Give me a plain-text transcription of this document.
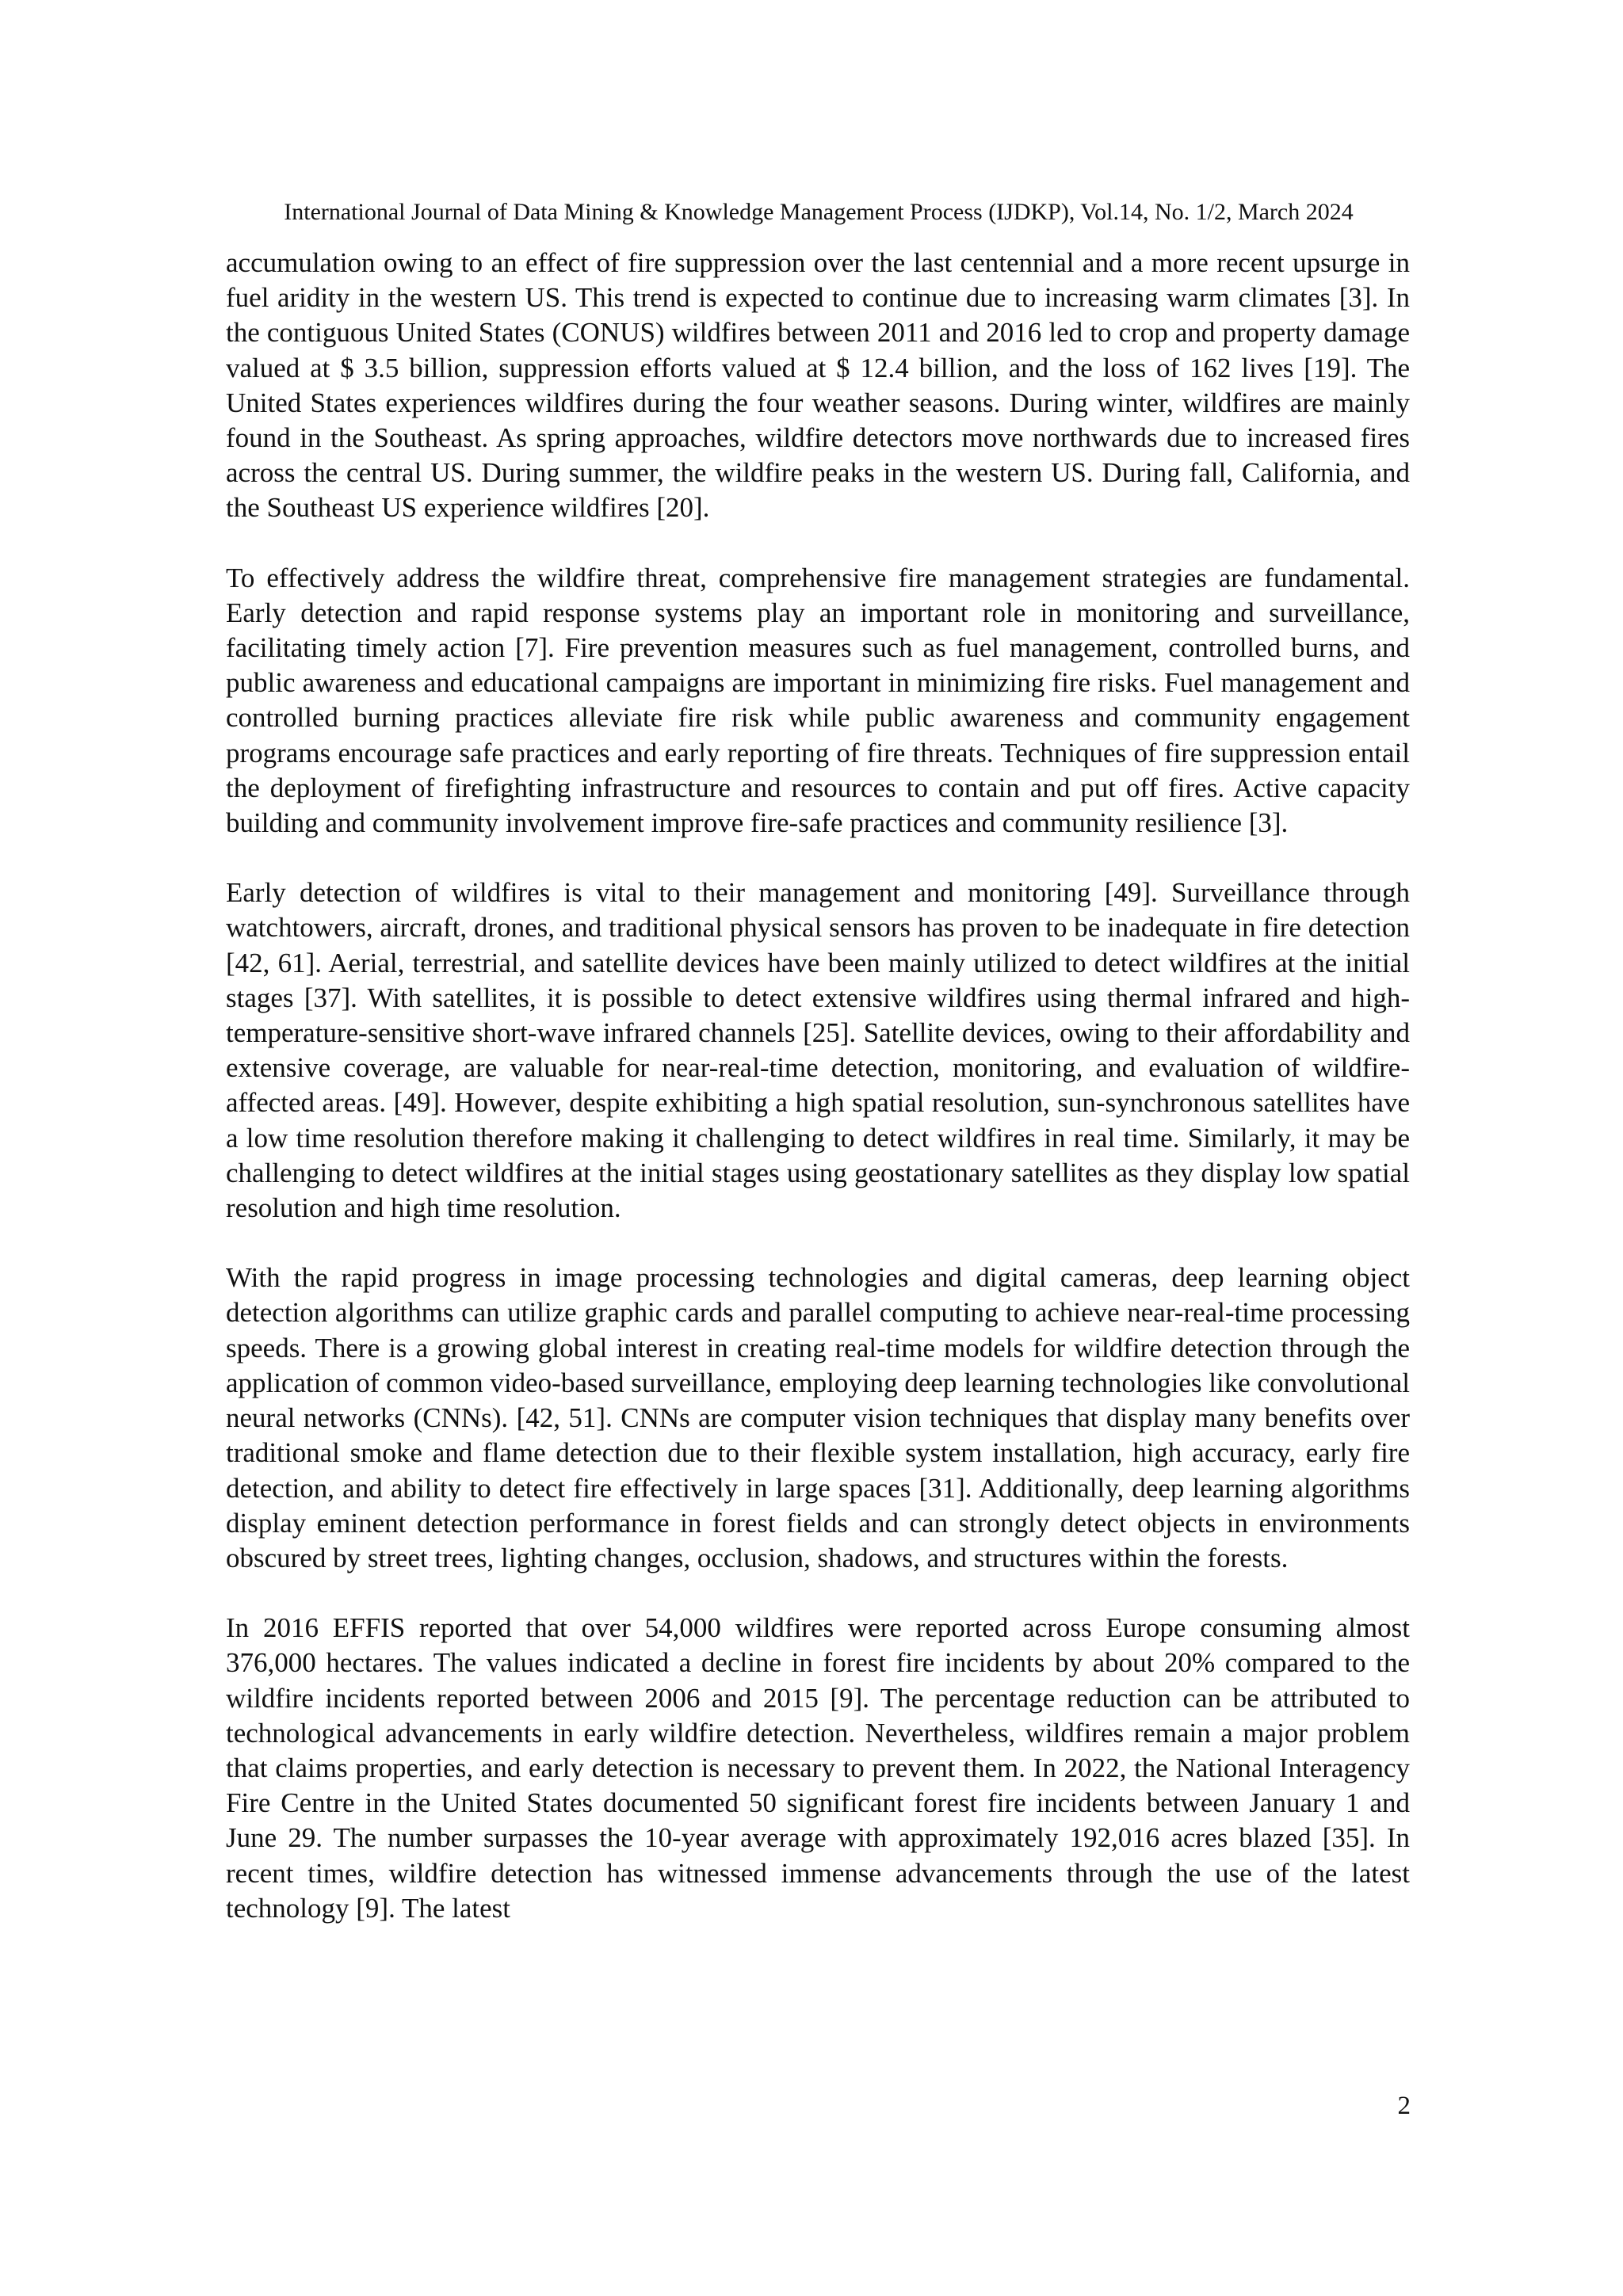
International Journal of Data Mining & Knowledge Management Process (IJDKP), Vol.14, No. 1/2, March 2024

accumulation owing to an effect of fire suppression over the last centennial and a more recent upsurge in fuel aridity in the western US. This trend is expected to continue due to increasing warm climates [3]. In the contiguous United States (CONUS) wildfires between 2011 and 2016 led to crop and property damage valued at $ 3.5 billion, suppression efforts valued at $ 12.4 billion, and the loss of 162 lives [19]. The United States experiences wildfires during the four weather seasons. During winter, wildfires are mainly found in the Southeast. As spring approaches, wildfire detectors move northwards due to increased fires across the central US. During summer, the wildfire peaks in the western US. During fall, California, and the Southeast US experience wildfires [20].

To effectively address the wildfire threat, comprehensive fire management strategies are fundamental. Early detection and rapid response systems play an important role in monitoring and surveillance, facilitating timely action [7]. Fire prevention measures such as fuel management, controlled burns, and public awareness and educational campaigns are important in minimizing fire risks. Fuel management and controlled burning practices alleviate fire risk while public awareness and community engagement programs encourage safe practices and early reporting of fire threats. Techniques of fire suppression entail the deployment of firefighting infrastructure and resources to contain and put off fires. Active capacity building and community involvement improve fire-safe practices and community resilience [3].

Early detection of wildfires is vital to their management and monitoring [49]. Surveillance through watchtowers, aircraft, drones, and traditional physical sensors has proven to be inadequate in fire detection [42, 61]. Aerial, terrestrial, and satellite devices have been mainly utilized to detect wildfires at the initial stages [37]. With satellites, it is possible to detect extensive wildfires using thermal infrared and high-temperature-sensitive short-wave infrared channels [25]. Satellite devices, owing to their affordability and extensive coverage, are valuable for near-real-time detection, monitoring, and evaluation of wildfire-affected areas. [49]. However, despite exhibiting a high spatial resolution, sun-synchronous satellites have a low time resolution therefore making it challenging to detect wildfires in real time. Similarly, it may be challenging to detect wildfires at the initial stages using geostationary satellites as they display low spatial resolution and high time resolution.

With the rapid progress in image processing technologies and digital cameras, deep learning object detection algorithms can utilize graphic cards and parallel computing to achieve near-real-time processing speeds. There is a growing global interest in creating real-time models for wildfire detection through the application of common video-based surveillance, employing deep learning technologies like convolutional neural networks (CNNs). [42, 51]. CNNs are computer vision techniques that display many benefits over traditional smoke and flame detection due to their flexible system installation, high accuracy, early fire detection, and ability to detect fire effectively in large spaces [31]. Additionally, deep learning algorithms display eminent detection performance in forest fields and can strongly detect objects in environments obscured by street trees, lighting changes, occlusion, shadows, and structures within the forests.

In 2016 EFFIS reported that over 54,000 wildfires were reported across Europe consuming almost 376,000 hectares. The values indicated a decline in forest fire incidents by about 20% compared to the wildfire incidents reported between 2006 and 2015 [9]. The percentage reduction can be attributed to technological advancements in early wildfire detection. Nevertheless, wildfires remain a major problem that claims properties, and early detection is necessary to prevent them. In 2022, the National Interagency Fire Centre in the United States documented 50 significant forest fire incidents between January 1 and June 29. The number surpasses the 10-year average with approximately 192,016 acres blazed [35]. In recent times, wildfire detection has witnessed immense advancements through the use of the latest technology [9]. The latest

2
